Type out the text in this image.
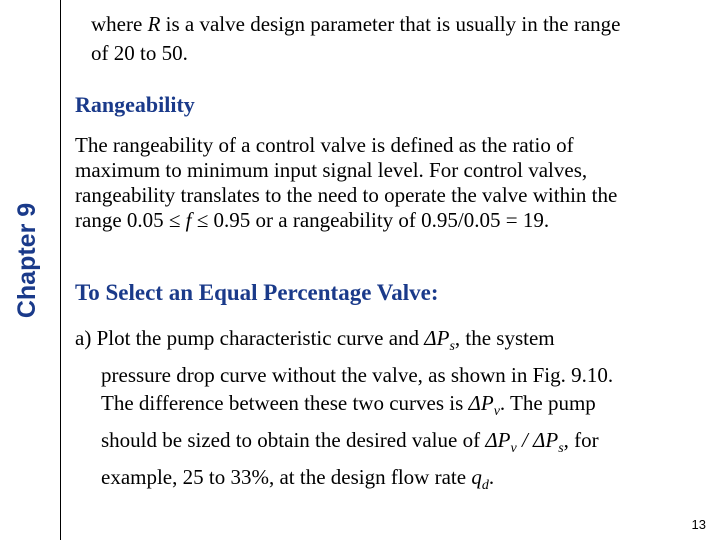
Chapter 9
where R is a valve design parameter that is usually in the range
of 20 to 50.
Rangeability
The rangeability of a control valve is defined as the ratio of
maximum to minimum input signal level. For control valves,
rangeability translates to the need to operate the valve within the
range 0.05 ≤ f ≤ 0.95 or a rangeability of 0.95/0.05 = 19.
To Select an Equal Percentage Valve:
a) Plot the pump characteristic curve and $\Delta P_s$, the system
pressure drop curve without the valve, as shown in Fig. 9.10.
The difference between these two curves is $\Delta P_v$. The pump
should be sized to obtain the desired value of $\Delta P_v / \Delta P_s$, for
example, 25 to 33%, at the design flow rate $q_d$.
13
